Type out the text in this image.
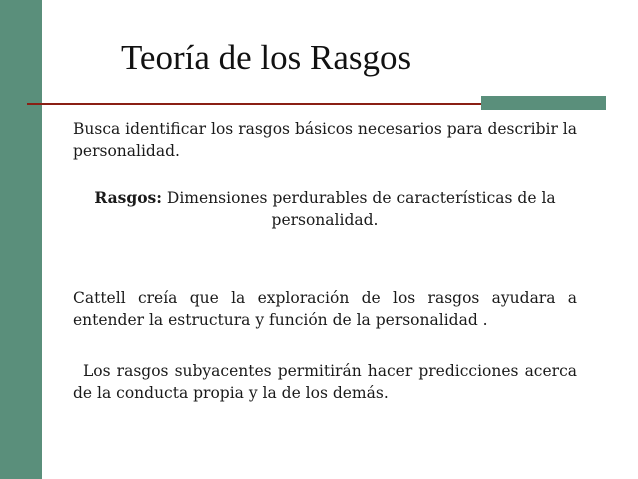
Teoría de los Rasgos
Busca identificar los rasgos básicos necesarios para describir la personalidad.
Rasgos: Dimensiones perdurables de características de la personalidad.
Cattell creía que la exploración de los rasgos ayudara a entender la estructura y función de la personalidad .
Los rasgos subyacentes permitirán hacer predicciones acerca de la conducta propia y la de los demás.
